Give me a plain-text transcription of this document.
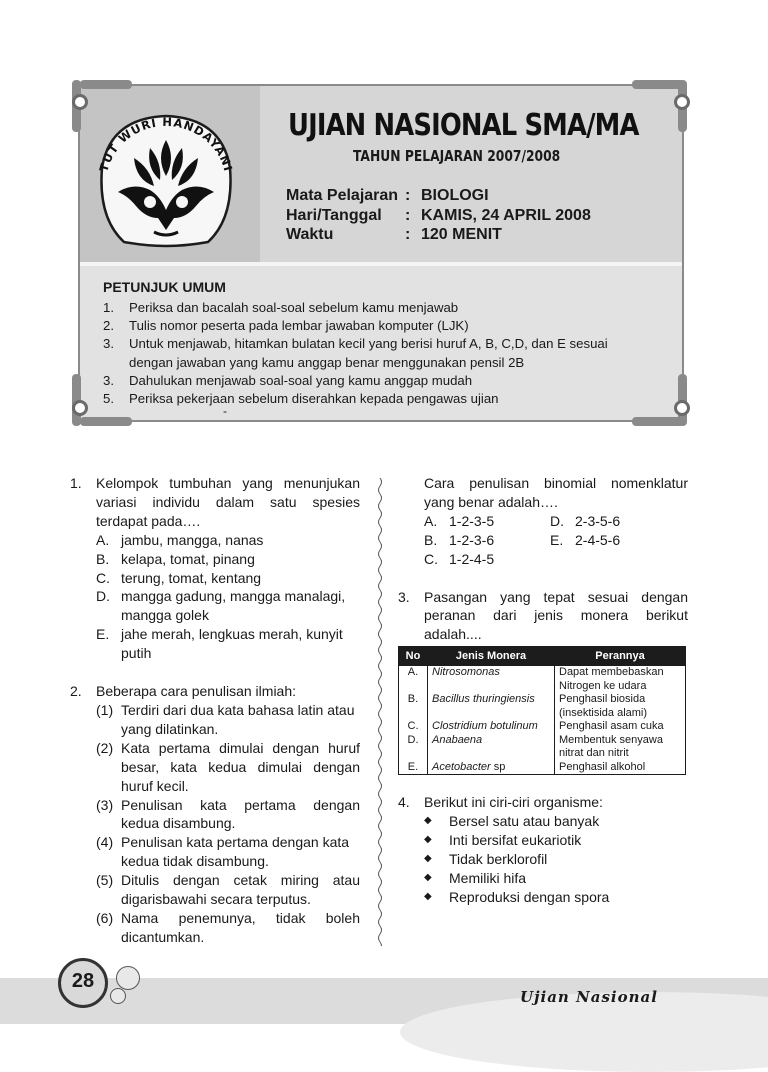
TUT WURI HANDAYANI
UJIAN NASIONAL SMA/MA
TAHUN PELAJARAN 2007/2008
Mata Pelajaran : BIOLOGI
Hari/Tanggal	: KAMIS, 24 APRIL 2008
Waktu	: 120 MENIT
PETUNJUK UMUM
1.	Periksa dan bacalah soal-soal sebelum kamu menjawab
2.	Tulis nomor peserta pada lembar jawaban komputer (LJK)
3.	Untuk menjawab, hitamkan bulatan kecil yang berisi huruf A, B, C,D, dan E sesuai dengan jawaban yang kamu anggap benar menggunakan pensil 2B
3.	Dahulukan menjawab soal-soal yang kamu anggap mudah
5.	Periksa pekerjaan sebelum diserahkan kepada pengawas ujian
-
1.	Kelompok tumbuhan yang menunjukan
variasi individu dalam satu spesies
terdapat pada….
A. jambu, mangga, nanas
B. kelapa, tomat, pinang
C. terung, tomat, kentang
D. mangga gadung, mangga manalagi, mangga golek
E. jahe merah, lengkuas merah, kunyit putih
2.	Beberapa cara penulisan ilmiah:
(1) Terdiri dari dua kata bahasa latin atau yang dilatinkan.
(2) Kata pertama dimulai dengan huruf besar, kata kedua dimulai dengan huruf kecil.
(3) Penulisan kata pertama dengan kedua disambung.
(4) Penulisan kata pertama dengan kata kedua tidak disambung.
(5) Ditulis dengan cetak miring atau digarisbawahi secara terputus.
(6) Nama penemunya, tidak boleh dicantumkan.
Cara penulisan binomial nomenklatur
yang benar adalah….
A. 1-2-3-5	D. 2-3-5-6
B. 1-2-3-6	E. 2-4-5-6
C. 1-2-4-5
3.	Pasangan yang tepat sesuai dengan
peranan dari jenis monera berikut
adalah....
No	Jenis Monera	Perannya
A.	Nitrosomonas	Dapat membebaskan Nitrogen ke udara
B.	Bacillus thuringiensis	Penghasil biosida (insektisida alami)
C.	Clostridium botulinum	Penghasil asam cuka
D.	Anabaena	Membentuk senyawa nitrat dan nitrit
E.	Acetobacter sp	Penghasil alkohol
4.	Berikut ini ciri-ciri organisme:
◆	Bersel satu atau banyak
◆	Inti bersifat eukariotik
◆	Tidak berklorofil
◆	Memiliki hifa
◆	Reproduksi dengan spora
28
Ujian Nasional
